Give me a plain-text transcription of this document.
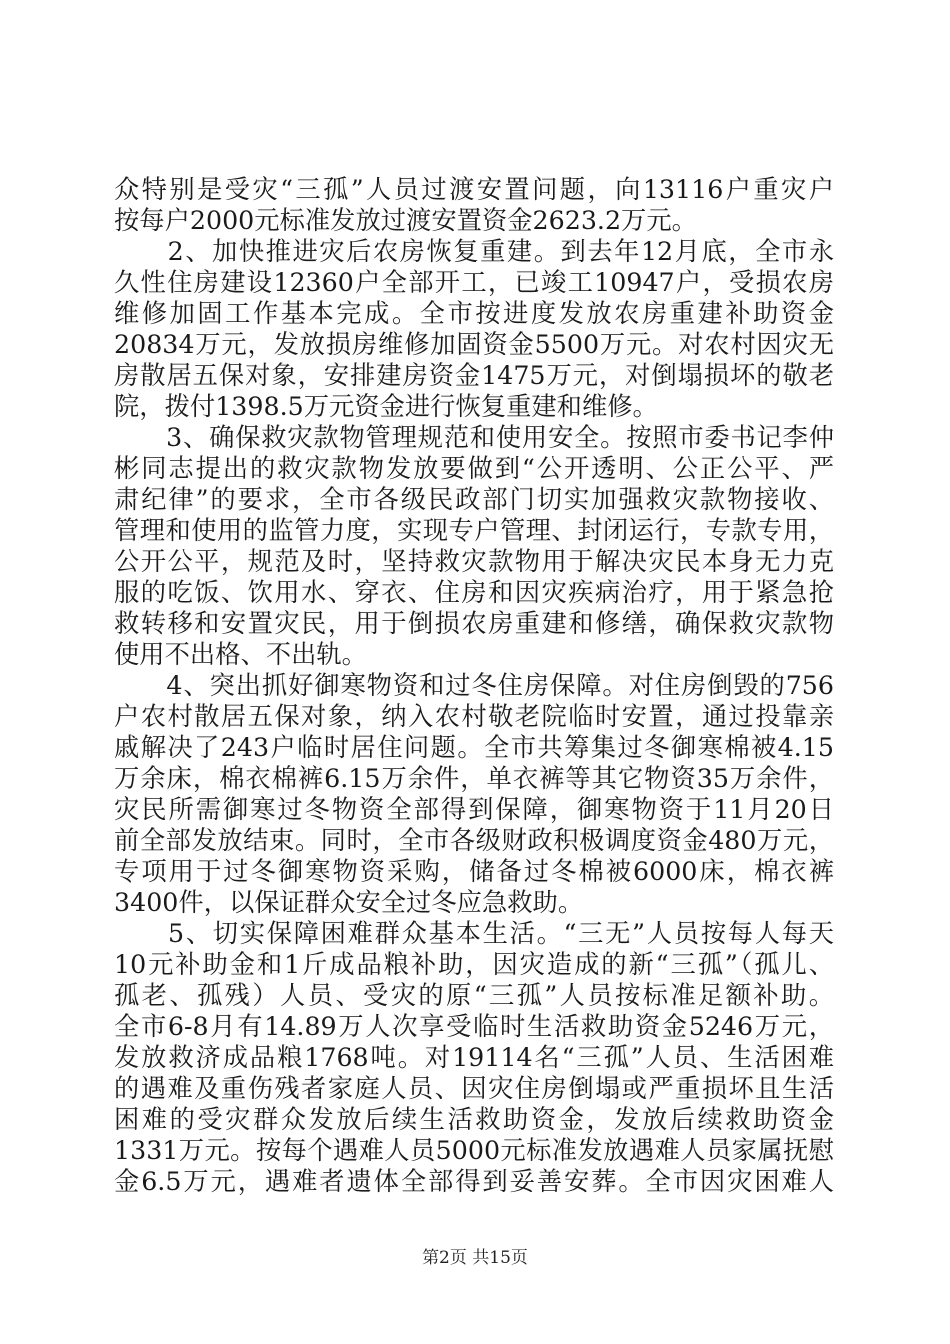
众特别是受灾“三孤”人员过渡安置问题，向13116户重灾户
按每户2000元标准发放过渡安置资金2623.2万元。
　　2、加快推进灾后农房恢复重建。到去年12月底，全市永
久性住房建设12360户全部开工，已竣工10947户，受损农房
维修加固工作基本完成。全市按进度发放农房重建补助资金
20834万元，发放损房维修加固资金5500万元。对农村因灾无
房散居五保对象，安排建房资金1475万元，对倒塌损坏的敬老
院，拨付1398.5万元资金进行恢复重建和维修。
　　3、确保救灾款物管理规范和使用安全。按照市委书记李仲
彬同志提出的救灾款物发放要做到“公开透明、公正公平、严
肃纪律”的要求，全市各级民政部门切实加强救灾款物接收、
管理和使用的监管力度，实现专户管理、封闭运行，专款专用，
公开公平，规范及时，坚持救灾款物用于解决灾民本身无力克
服的吃饭、饮用水、穿衣、住房和因灾疾病治疗，用于紧急抢
救转移和安置灾民，用于倒损农房重建和修缮，确保救灾款物
使用不出格、不出轨。
　　4、突出抓好御寒物资和过冬住房保障。对住房倒毁的756
户农村散居五保对象，纳入农村敬老院临时安置，通过投靠亲
戚解决了243户临时居住问题。全市共筹集过冬御寒棉被4.15
万余床，棉衣棉裤6.15万余件，单衣裤等其它物资35万余件，
灾民所需御寒过冬物资全部得到保障，御寒物资于11月20日
前全部发放结束。同时，全市各级财政积极调度资金480万元，
专项用于过冬御寒物资采购，储备过冬棉被6000床，棉衣裤
3400件，以保证群众安全过冬应急救助。
　　5、切实保障困难群众基本生活。“三无”人员按每人每天
10元补助金和1斤成品粮补助，因灾造成的新“三孤”（孤儿、
孤老、孤残）人员、受灾的原“三孤”人员按标准足额补助。
全市6-8月有14.89万人次享受临时生活救助资金5246万元，
发放救济成品粮1768吨。对19114名“三孤”人员、生活困难
的遇难及重伤残者家庭人员、因灾住房倒塌或严重损坏且生活
困难的受灾群众发放后续生活救助资金，发放后续救助资金
1331万元。按每个遇难人员5000元标准发放遇难人员家属抚慰
金6.5万元，遇难者遗体全部得到妥善安葬。全市因灾困难人
第2页 共15页
